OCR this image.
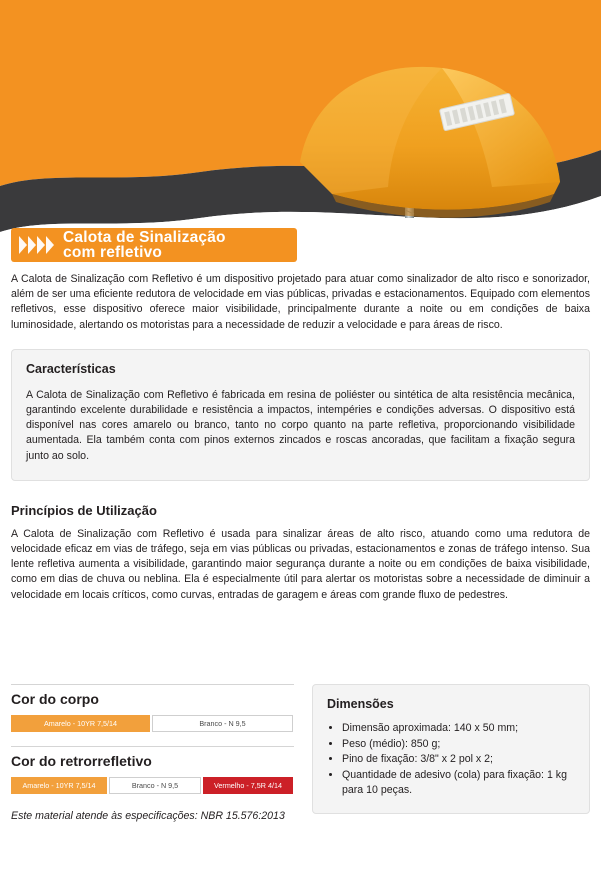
Calota de Sinalização
com refletivo

A Calota de Sinalização com Refletivo é um dispositivo projetado para atuar como sinalizador de alto risco e sonorizador, além de ser uma eficiente redutora de velocidade em vias públicas, privadas e estacionamentos. Equipado com elementos refletivos, esse dispositivo oferece maior visibilidade, principalmente durante a noite ou em condições de baixa luminosidade, alertando os motoristas para a necessidade de reduzir a velocidade e para áreas de risco.

Características

A Calota de Sinalização com Refletivo é fabricada em resina de poliéster ou sintética de alta resistência mecânica, garantindo excelente durabilidade e resistência a impactos, intempéries e condições adversas. O dispositivo está disponível nas cores amarelo ou branco, tanto no corpo quanto na parte refletiva, proporcionando visibilidade aumentada. Ela também conta com pinos externos zincados e roscas ancoradas, que facilitam a fixação segura junto ao solo.

Princípios de Utilização

A Calota de Sinalização com Refletivo é usada para sinalizar áreas de alto risco, atuando como uma redutora de velocidade eficaz em vias de tráfego, seja em vias públicas ou privadas, estacionamentos e zonas de tráfego intenso. Sua lente refletiva aumenta a visibilidade, garantindo maior segurança durante a noite ou em condições de baixa visibilidade, como em dias de chuva ou neblina. Ela é especialmente útil para alertar os motoristas sobre a necessidade de diminuir a velocidade em locais críticos, como curvas, entradas de garagem e áreas com grande fluxo de pedestres.

Cor do corpo
Amarelo - 10YR 7,5/14	Branco - N 9,5
Cor do retrorrefletivo
Amarelo - 10YR 7,5/14	Branco - N 9,5	Vermelho - 7,5R 4/14
Dimensões
• Dimensão aproximada: 140 x 50 mm;
• Peso (médio): 850 g;
• Pino de fixação: 3/8" x 2 pol x 2;
• Quantidade de adesivo (cola) para fixação: 1 kg para 10 peças.
Este material atende às especificações: NBR 15.576:2013
